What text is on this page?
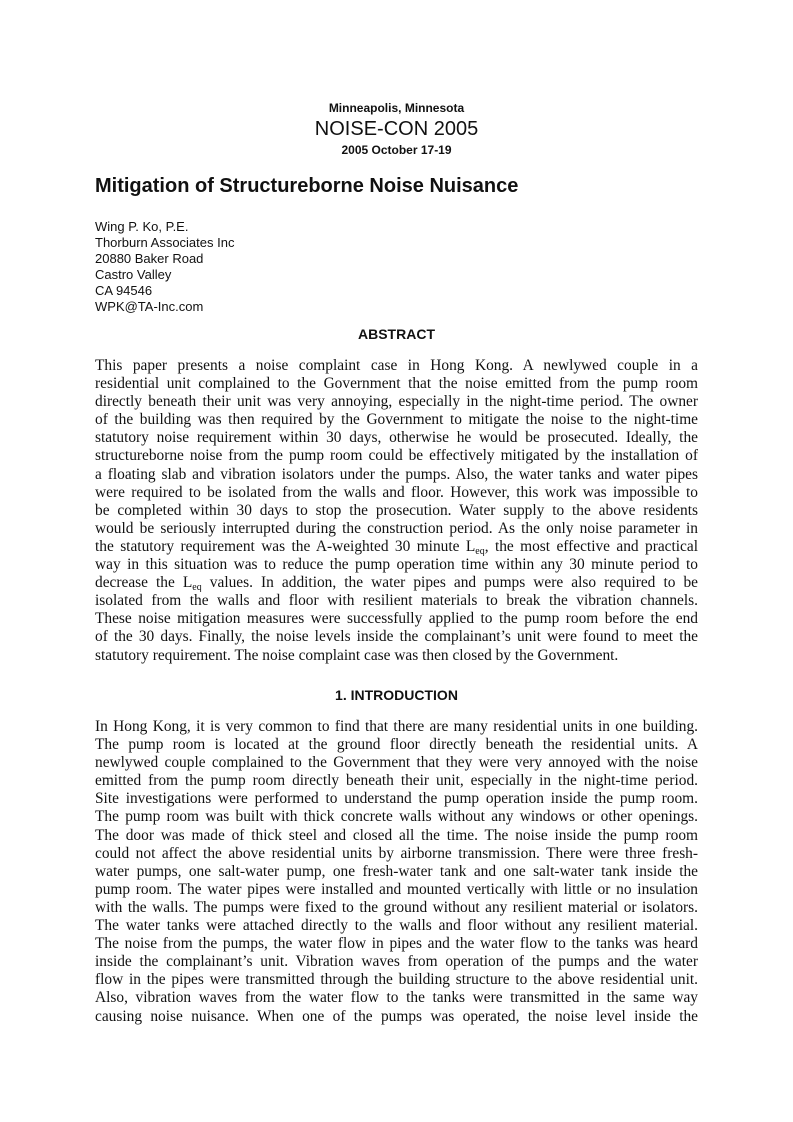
Minneapolis, Minnesota
NOISE-CON 2005
2005 October 17-19
Mitigation of Structureborne Noise Nuisance
Wing P. Ko, P.E.
Thorburn Associates Inc
20880 Baker Road
Castro Valley
CA 94546
WPK@TA-Inc.com
ABSTRACT
This paper presents a noise complaint case in Hong Kong. A newlywed couple in a
residential unit complained to the Government that the noise emitted from the pump room
directly beneath their unit was very annoying, especially in the night-time period. The owner
of the building was then required by the Government to mitigate the noise to the night-time
statutory noise requirement within 30 days, otherwise he would be prosecuted. Ideally, the
structureborne noise from the pump room could be effectively mitigated by the installation of
a floating slab and vibration isolators under the pumps. Also, the water tanks and water pipes
were required to be isolated from the walls and floor. However, this work was impossible to
be completed within 30 days to stop the prosecution. Water supply to the above residents
would be seriously interrupted during the construction period. As the only noise parameter in
the statutory requirement was the A-weighted 30 minute $L_{eq}$, the most effective and practical
way in this situation was to reduce the pump operation time within any 30 minute period to
decrease the $L_{eq}$ values. In addition, the water pipes and pumps were also required to be
isolated from the walls and floor with resilient materials to break the vibration channels.
These noise mitigation measures were successfully applied to the pump room before the end
of the 30 days. Finally, the noise levels inside the complainant’s unit were found to meet the
statutory requirement. The noise complaint case was then closed by the Government.
1. INTRODUCTION
In Hong Kong, it is very common to find that there are many residential units in one building.
The pump room is located at the ground floor directly beneath the residential units. A
newlywed couple complained to the Government that they were very annoyed with the noise
emitted from the pump room directly beneath their unit, especially in the night-time period.
Site investigations were performed to understand the pump operation inside the pump room.
The pump room was built with thick concrete walls without any windows or other openings.
The door was made of thick steel and closed all the time. The noise inside the pump room
could not affect the above residential units by airborne transmission. There were three fresh-
water pumps, one salt-water pump, one fresh-water tank and one salt-water tank inside the
pump room. The water pipes were installed and mounted vertically with little or no insulation
with the walls. The pumps were fixed to the ground without any resilient material or isolators.
The water tanks were attached directly to the walls and floor without any resilient material.
The noise from the pumps, the water flow in pipes and the water flow to the tanks was heard
inside the complainant’s unit. Vibration waves from operation of the pumps and the water
flow in the pipes were transmitted through the building structure to the above residential unit.
Also, vibration waves from the water flow to the tanks were transmitted in the same way
causing noise nuisance. When one of the pumps was operated, the noise level inside the
